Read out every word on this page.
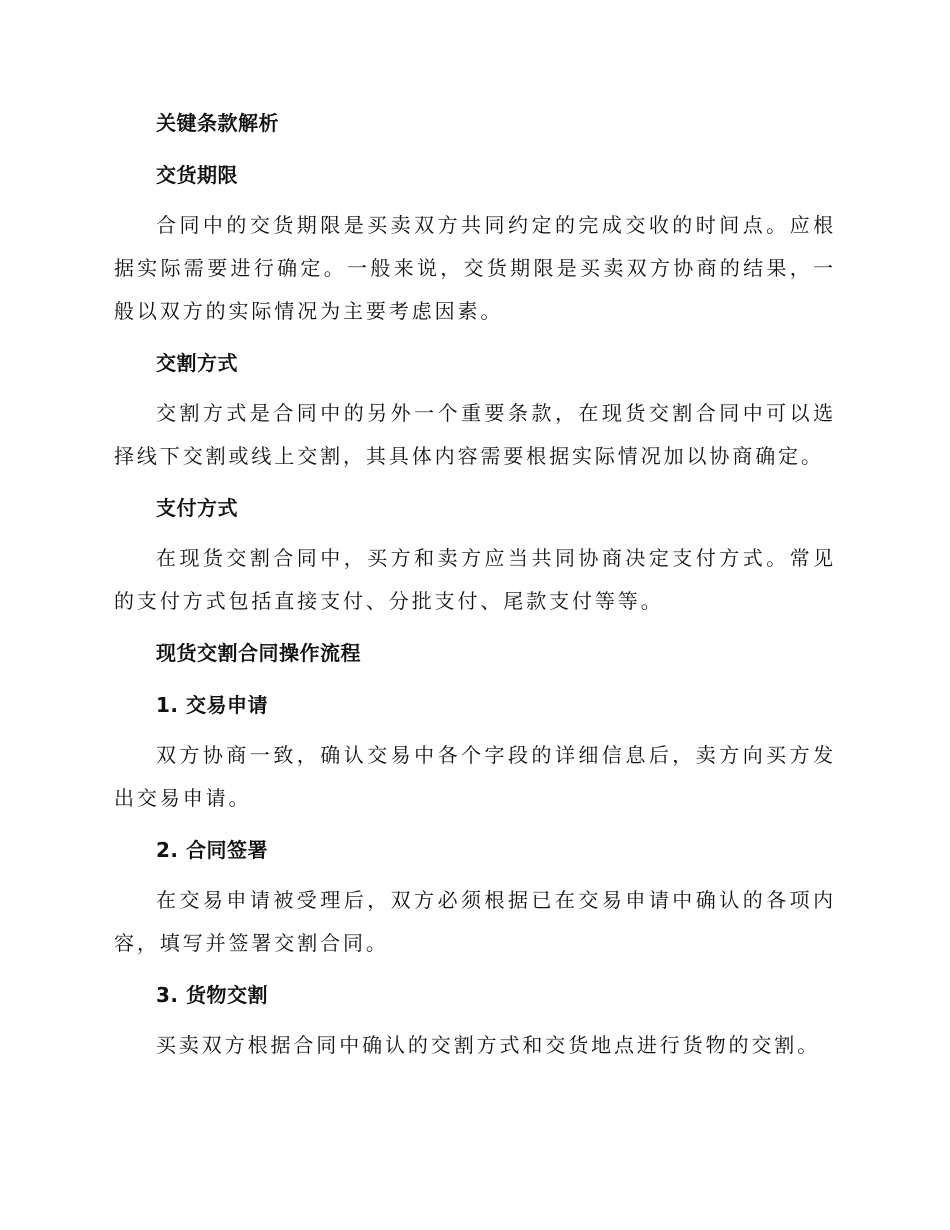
关键条款解析
交货期限

合同中的交货期限是买卖双方共同约定的完成交收的时间点。应根据实际需要进行确定。一般来说，交货期限是买卖双方协商的结果，一般以双方的实际情况为主要考虑因素。

交割方式

交割方式是合同中的另外一个重要条款，在现货交割合同中可以选择线下交割或线上交割，其具体内容需要根据实际情况加以协商确定。

支付方式

在现货交割合同中，买方和卖方应当共同协商决定支付方式。常见的支付方式包括直接支付、分批支付、尾款支付等等。

现货交割合同操作流程
1. 交易申请

双方协商一致，确认交易中各个字段的详细信息后，卖方向买方发出交易申请。

2. 合同签署

在交易申请被受理后，双方必须根据已在交易申请中确认的各项内容，填写并签署交割合同。

3. 货物交割

买卖双方根据合同中确认的交割方式和交货地点进行货物的交割。
